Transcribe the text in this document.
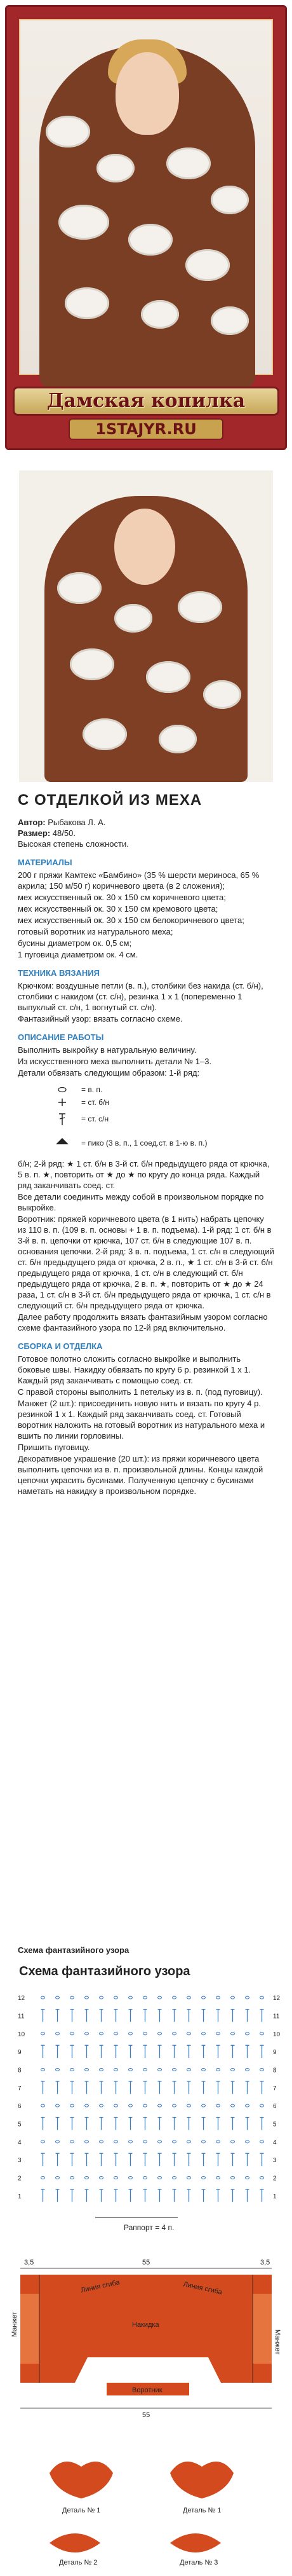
Дамская копилка
1STAJYR.RU
С ОТДЕЛКОЙ ИЗ МЕХА

Автор: Рыбакова Л. А.

Размер: 48/50.

Высокая степень сложности.

МАТЕРИАЛЫ

200 г пряжи Камтекс «Бамбино» (35 % шерсти мериноса, 65 % акрила; 150 м/50 г) коричневого цвета (в 2 сложения);

мех искусственный ок. 30 x 150 см коричневого цвета;

мех искусственный ок. 30 x 150 см кремового цвета;

мех искусственный ок. 30 x 150 см белокоричневого цвета;

готовый воротник из натурального меха;

бусины диаметром ок. 0,5 см;

1 пуговица диаметром ок. 4 см.

ТЕХНИКА ВЯЗАНИЯ

Крючком: воздушные петли (в. п.), столбики без накида (ст. б/н), столбики с накидом (ст. с/н), резинка 1 x 1 (попеременно 1 выпуклый ст. с/н, 1 вогнутый ст. с/н).

Фантазийный узор: вязать согласно схеме.

ОПИСАНИЕ РАБОТЫ

Выполнить выкройку в натуральную величину.

Из искусственного меха выполнить детали № 1–3.

Детали обвязать следующим образом: 1-й ряд:

= в. п.
= ст. б/н
= ст. с/н
= пико (3 в. п., 1 соед.ст. в 1-ю в. п.)

б/н; 2-й ряд: ★ 1 ст. б/н в 3-й ст. б/н предыдущего ряда от крючка, 5 в. п. ★, повторить от ★ до ★ по кругу до конца ряда. Каждый ряд заканчивать соед. ст.

Все детали соединить между собой в произвольном порядке по выкройке.

Воротник: пряжей коричневого цвета (в 1 нить) набрать цепочку из 110 в. п. (109 в. п. основы + 1 в. п. подъема). 1-й ряд: 1 ст. б/н в 3-й в. п. цепочки от крючка, 107 ст. б/н в следующие 107 в. п. основания цепочки. 2-й ряд: 3 в. п. подъема, 1 ст. с/н в следующий ст. б/н предыдущего ряда от крючка, 2 в. п., ★ 1 ст. с/н в 3-й ст. б/н предыдущего ряда от крючка, 1 ст. с/н в следующий ст. б/н предыдущего ряда от крючка, 2 в. п. ★, повторить от ★ до ★ 24 раза, 1 ст. с/н в 3-й ст. б/н предыдущего ряда от крючка, 1 ст. с/н в следующий ст. б/н предыдущего ряда от крючка.

Далее работу продолжить вязать фантазийным узором согласно схеме фантазийного узора по 12-й ряд включительно.

СБОРКА И ОТДЕЛКА

Готовое полотно сложить согласно выкройке и выполнить боковые швы. Накидку обвязать по кругу 6 р. резинкой 1 x 1. Каждый ряд заканчивать с помощью соед. ст.

С правой стороны выполнить 1 петельку из в. п. (под пуговицу).

Манжет (2 шт.): присоединить новую нить и вязать по кругу 4 р. резинкой 1 x 1. Каждый ряд заканчивать соед. ст. Готовый воротник наложить на готовый воротник из натурального меха и вшить по линии горловины.

Пришить пуговицу.

Декоративное украшение (20 шт.): из пряжи коричневого цвета выполнить цепочки из в. п. произвольной длины. Концы каждой цепочки украсить бусинами. Полученную цепочку с бусинами наметать на накидку в произвольном порядке.

Схема фантазийного узора
Схема фантазийного узора
1	1
2	2
3	3
4	4
5	5
6	6
7	7
8	8
9	9
10	10
11	11
12	12
Раппорт = 4 п.
3,5	55	3,5
Накидка
Линия сгиба	Линия сгиба
Воротник
Манжет
Манжет
55
Деталь № 1	Деталь № 1
Деталь № 2	Деталь № 3
